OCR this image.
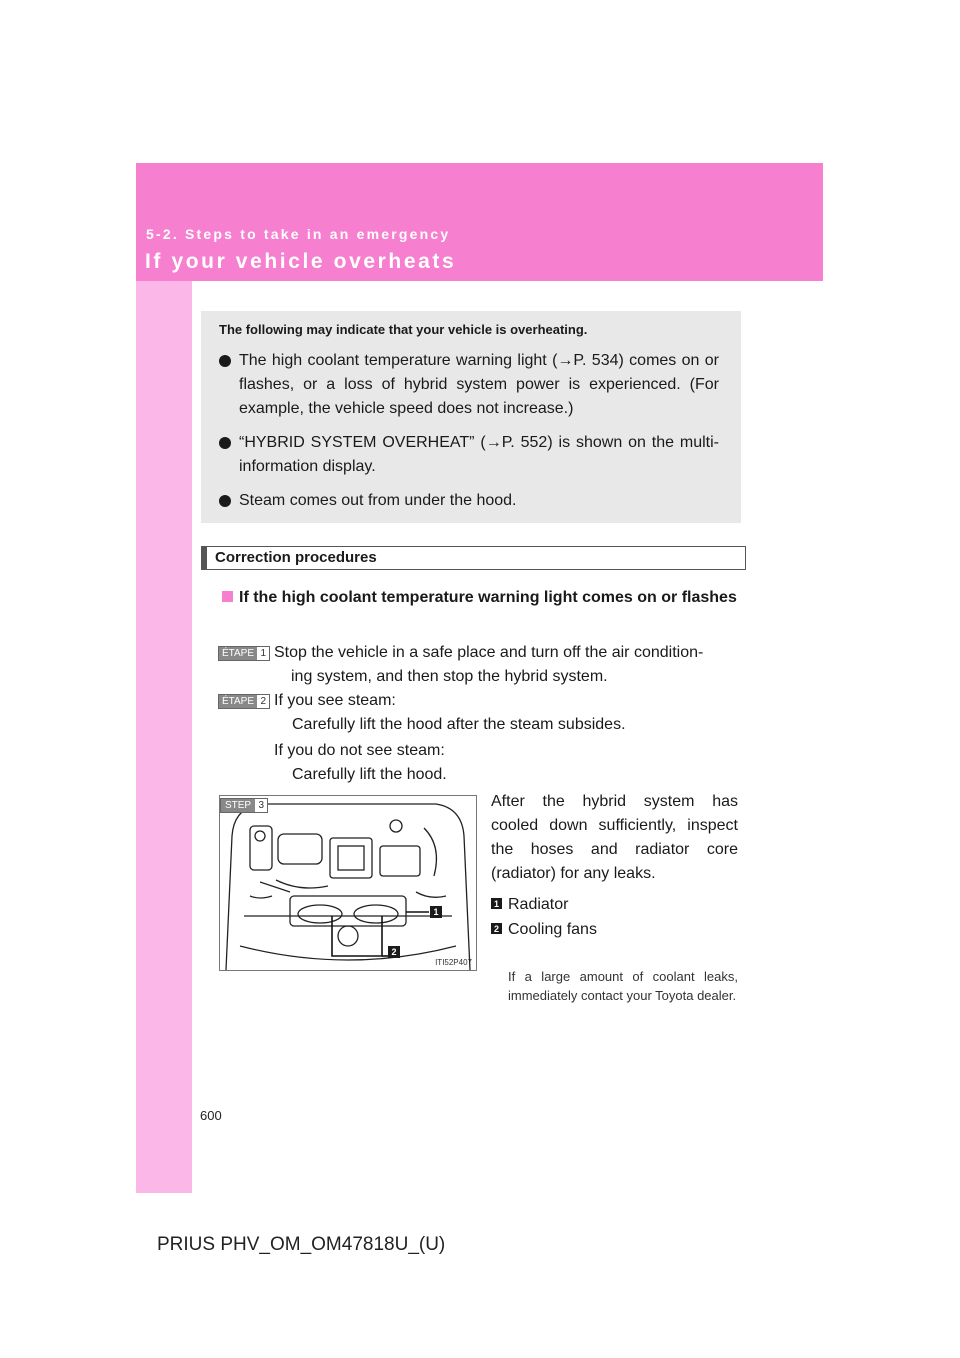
5-2. Steps to take in an emergency
If your vehicle overheats

The following may indicate that your vehicle is overheating.

The high coolant temperature warning light (→P. 534) comes on or flashes, or a loss of hybrid system power is experienced. (For example, the vehicle speed does not increase.)
“HYBRID SYSTEM OVERHEAT” (→P. 552) is shown on the multi-information display.
Steam comes out from under the hood.
Correction procedures
If the high coolant temperature warning light comes on or flashes
ÉTAPE 1 Stop the vehicle in a safe place and turn off the air condition-
ing system, and then stop the hybrid system.
ÉTAPE 2 If you see steam:
Carefully lift the hood after the steam subsides.
If you do not see steam:
Carefully lift the hood.
STEP 3
1
2
ITI52P407
After the hybrid system has
cooled down sufficiently, inspect
the hoses and radiator core
(radiator) for any leaks.
1 Radiator
2 Cooling fans
If a large amount of coolant leaks, immediately contact your Toyota dealer.
600
PRIUS PHV_OM_OM47818U_(U)
